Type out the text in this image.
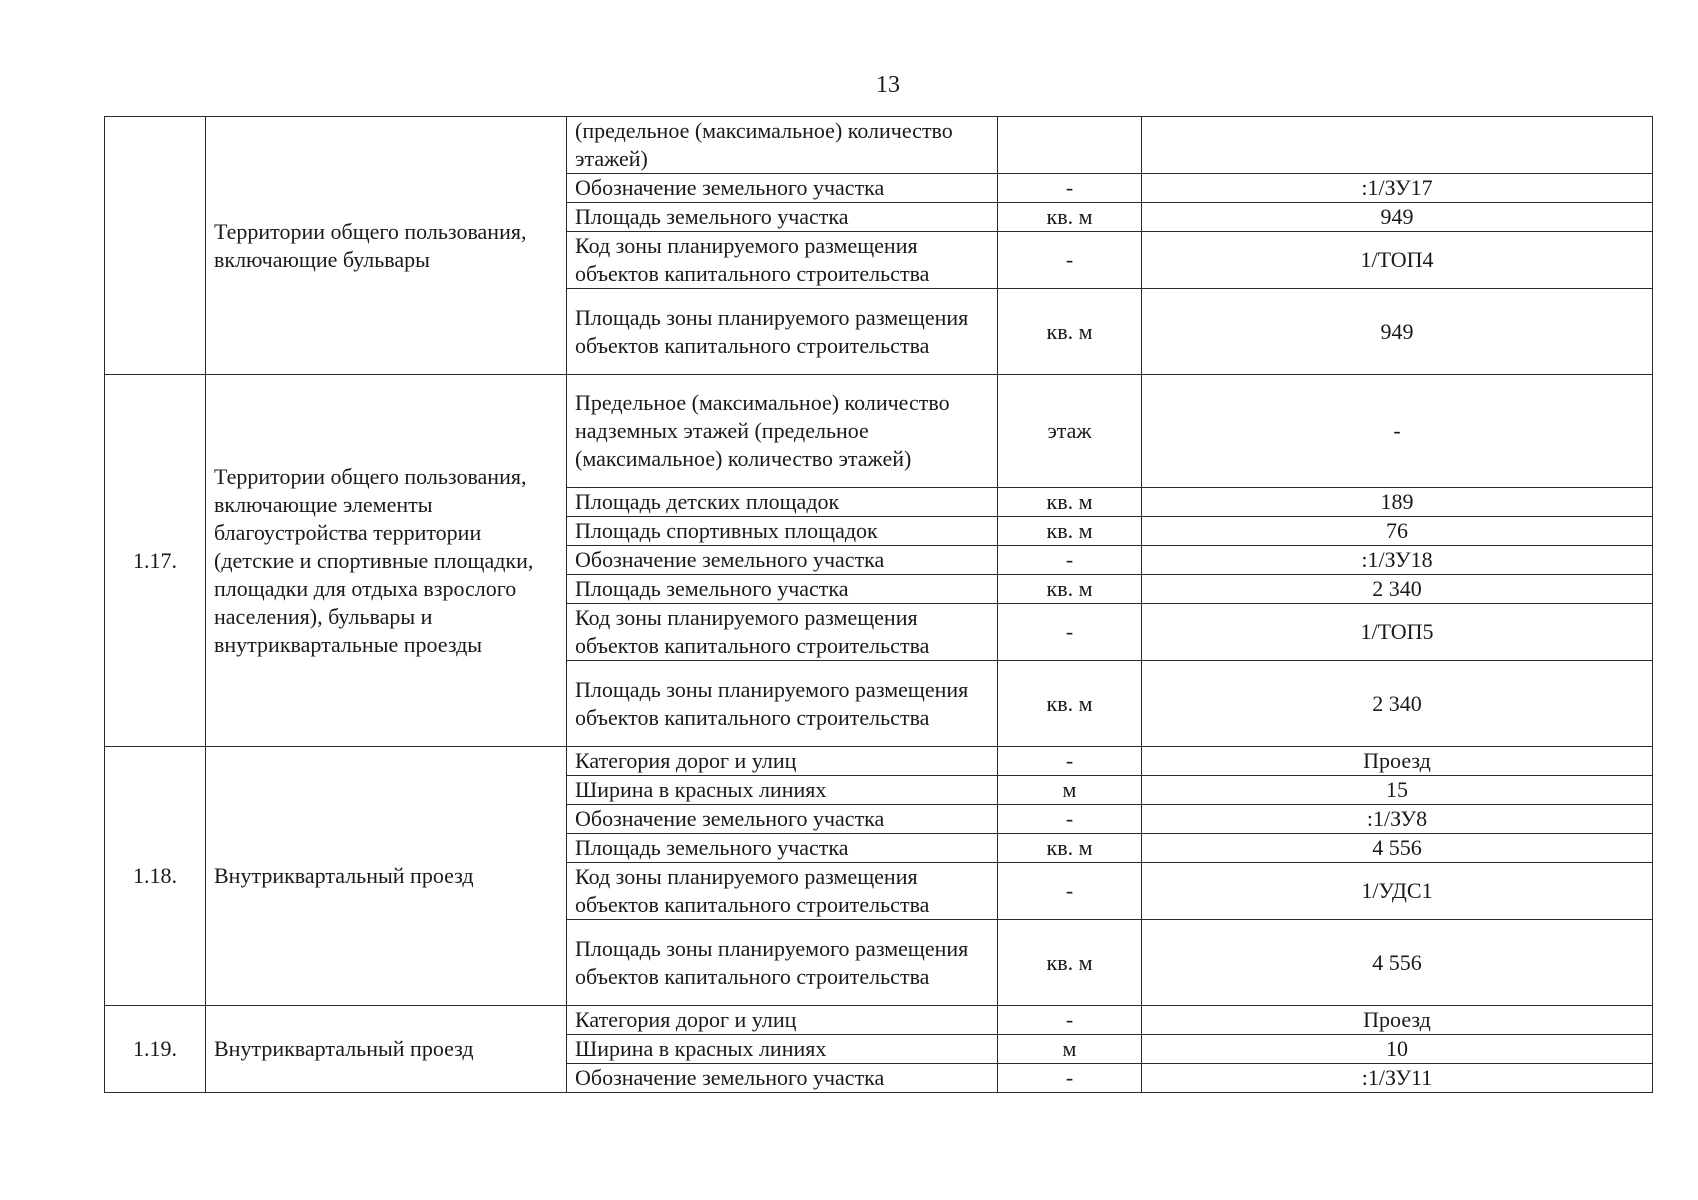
13
	Территории общего пользования, включающие бульвары	(предельное (максимальное) количество этажей)		
		Обозначение земельного участка	-	:1/ЗУ17
		Площадь земельного участка	кв. м	949
		Код зоны планируемого размещения объектов капитального строительства	-	1/ТОП4
		Площадь зоны планируемого размещения объектов капитального строительства	кв. м	949
1.17.	Территории общего пользования, включающие элементы благоустройства территории (детские и спортивные площадки, площадки для отдыха взрослого населения), бульвары и внутриквартальные проезды	Предельное (максимальное) количество надземных этажей (предельное (максимальное) количество этажей)	этаж	-
		Площадь детских площадок	кв. м	189
		Площадь спортивных площадок	кв. м	76
		Обозначение земельного участка	-	:1/ЗУ18
		Площадь земельного участка	кв. м	2 340
		Код зоны планируемого размещения объектов капитального строительства	-	1/ТОП5
		Площадь зоны планируемого размещения объектов капитального строительства	кв. м	2 340
1.18.	Внутриквартальный проезд	Категория дорог и улиц	-	Проезд
		Ширина в красных линиях	м	15
		Обозначение земельного участка	-	:1/ЗУ8
		Площадь земельного участка	кв. м	4 556
		Код зоны планируемого размещения объектов капитального строительства	-	1/УДС1
		Площадь зоны планируемого размещения объектов капитального строительства	кв. м	4 556
1.19.	Внутриквартальный проезд	Категория дорог и улиц	-	Проезд
		Ширина в красных линиях	м	10
		Обозначение земельного участка	-	:1/ЗУ11
